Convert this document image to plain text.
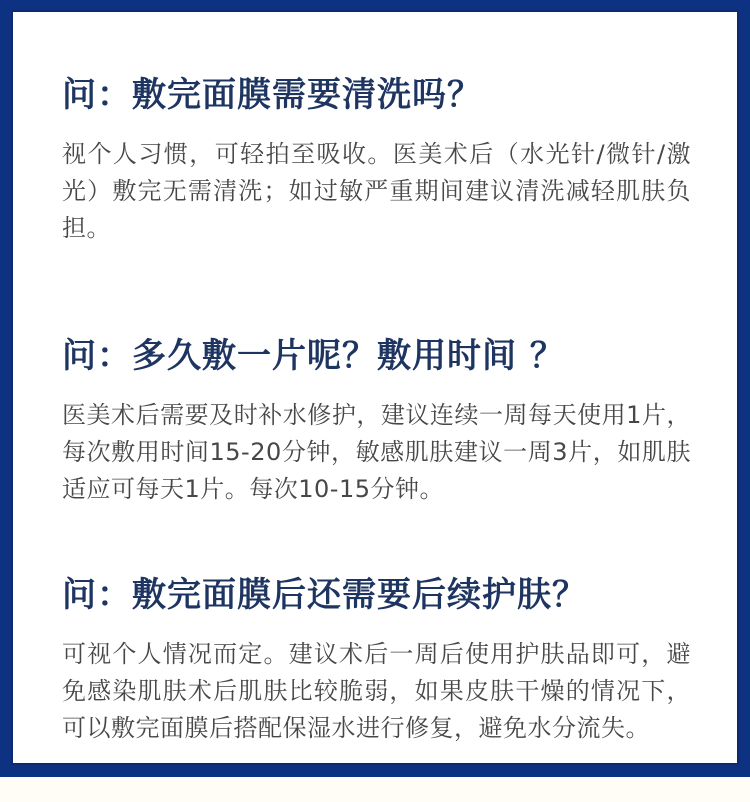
问：敷完面膜需要清洗吗？
视个人习惯，可轻拍至吸收。医美术后（水光针/微针/激光）敷完无需清洗；如过敏严重期间建议清洗减轻肌肤负担。
问：多久敷一片呢？敷用时间 ？
医美术后需要及时补水修护，建议连续一周每天使用1片，每次敷用时间15-20分钟，敏感肌肤建议一周3片，如肌肤适应可每天1片。每次10-15分钟。
问：敷完面膜后还需要后续护肤？
可视个人情况而定。建议术后一周后使用护肤品即可，避免感染肌肤术后肌肤比较脆弱，如果皮肤干燥的情况下，可以敷完面膜后搭配保湿水进行修复，避免水分流失。
